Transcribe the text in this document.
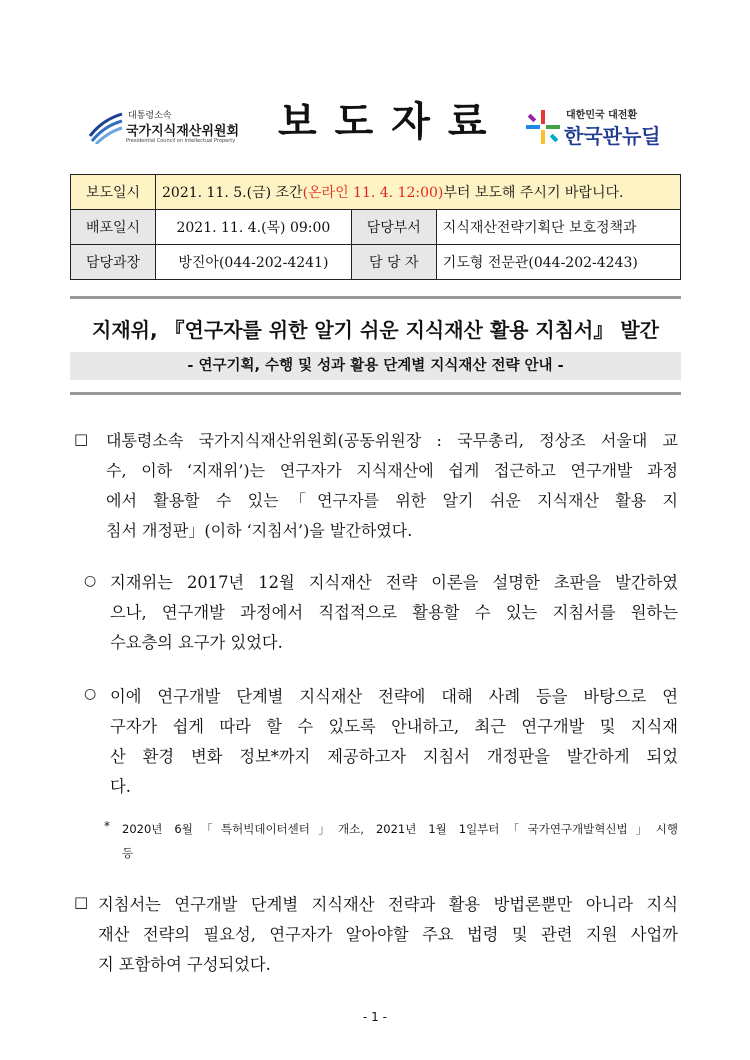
대통령소속
국가지식재산위원회
Presidential Council on Intellectual Property 보도자료	대한민국 대전환
한국판뉴딜
보도일시	2021. 11. 5.(금) 조간(온라인 11. 4. 12:00)부터 보도해 주시기 바랍니다.		
배포일시	2021. 11. 4.(목) 09:00	담당부서	지식재산전략기획단 보호정책과
담당과장	방진아(044-202-4241)	담 당 자	기도형 전문관(044-202-4243)
지재위, 『연구자를 위한 알기 쉬운 지식재산 활용 지침서』 발간
- 연구기획, 수행 및 성과 활용 단계별 지식재산 전략 안내 -
□ 대통령소속 국가지식재산위원회(공동위원장 : 국무총리, 정상조 서울대 교
수, 이하 ‘지재위’)는 연구자가 지식재산에 쉽게 접근하고 연구개발 과정
에서 활용할 수 있는「연구자를 위한 알기 쉬운 지식재산 활용 지
침서 개정판」(이하 ‘지침서’)을 발간하였다.
○ 지재위는 2017년 12월 지식재산 전략 이론을 설명한 초판을 발간하였
으나, 연구개발 과정에서 직접적으로 활용할 수 있는 지침서를 원하는
수요층의 요구가 있었다.
○ 이에 연구개발 단계별 지식재산 전략에 대해 사례 등을 바탕으로 연
구자가 쉽게 따라 할 수 있도록 안내하고, 최근 연구개발 및 지식재
산 환경 변화 정보*까지 제공하고자 지침서 개정판을 발간하게 되었
다.
* 2020년 6월「특허빅데이터센터」개소, 2021년 1월 1일부터「국가연구개발혁신법」시행
등
□ 지침서는 연구개발 단계별 지식재산 전략과 활용 방법론뿐만 아니라 지식
재산 전략의 필요성, 연구자가 알아야할 주요 법령 및 관련 지원 사업까
지 포함하여 구성되었다.
- 1 -
